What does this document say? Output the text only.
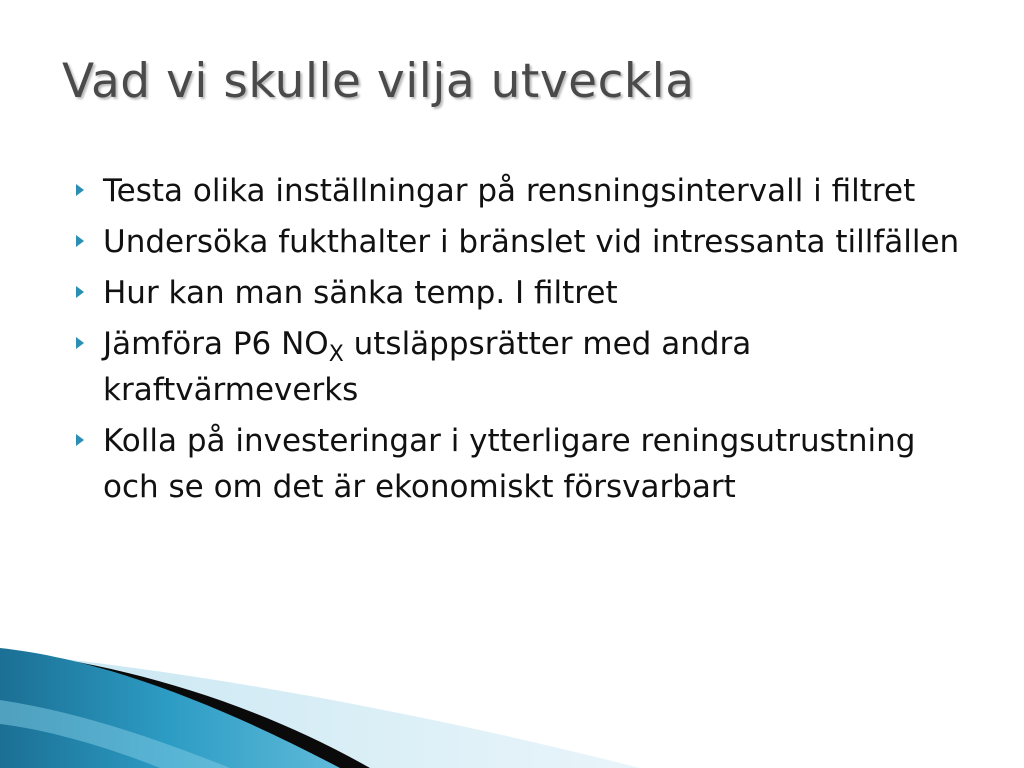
Vad vi skulle vilja utveckla
Testa olika inställningar på rensningsintervall i filtret
Undersöka fukthalter i bränslet vid intressanta tillfällen
Hur kan man sänka temp. I filtret
Jämföra P6 $NO_X$ utsläppsrätter med andra kraftvärmeverks
Kolla på investeringar i ytterligare reningsutrustning och se om det är ekonomiskt försvarbart
